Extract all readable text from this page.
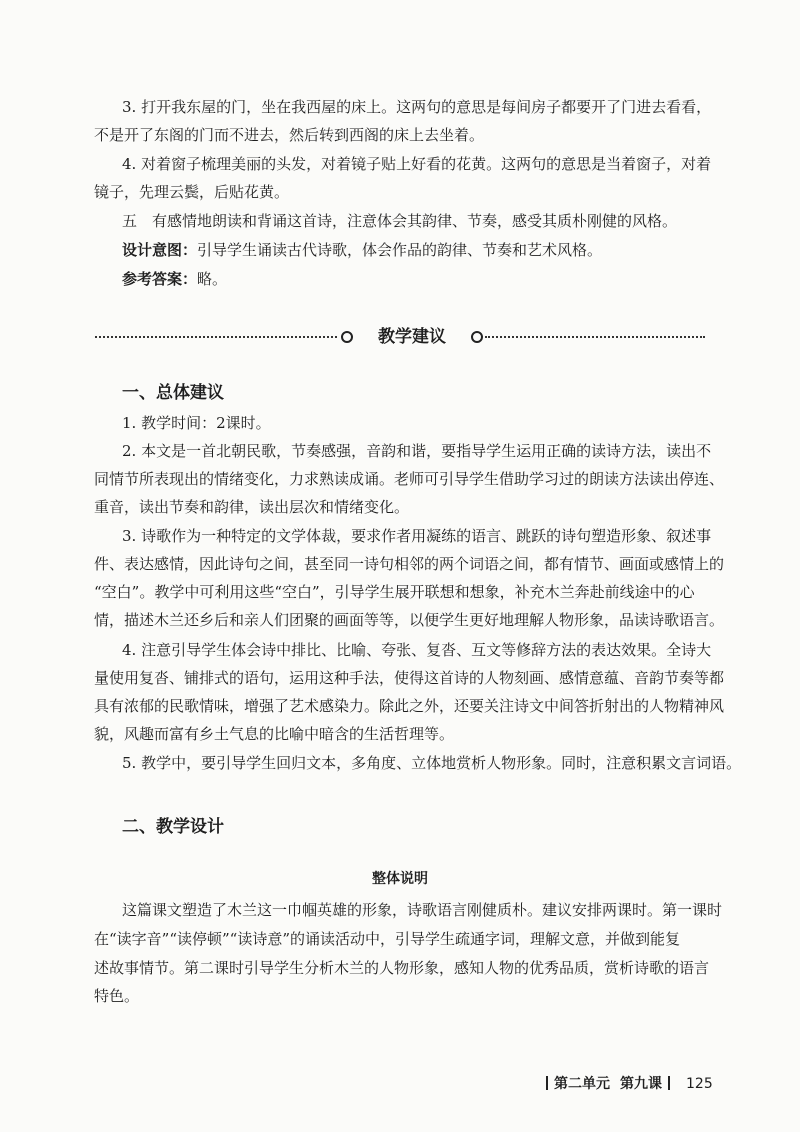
3. 打开我东屋的门，坐在我西屋的床上。这两句的意思是每间房子都要开了门进去看看，

不是开了东阁的门而不进去，然后转到西阁的床上去坐着。

4. 对着窗子梳理美丽的头发，对着镜子贴上好看的花黄。这两句的意思是当着窗子，对着

镜子，先理云鬓，后贴花黄。

五　有感情地朗读和背诵这首诗，注意体会其韵律、节奏，感受其质朴刚健的风格。

设计意图：引导学生诵读古代诗歌，体会作品的韵律、节奏和艺术风格。

参考答案：略。

教学建议

一、总体建议

1. 教学时间：2课时。

2. 本文是一首北朝民歌，节奏感强，音韵和谐，要指导学生运用正确的读诗方法，读出不

同情节所表现出的情绪变化，力求熟读成诵。老师可引导学生借助学习过的朗读方法读出停连、

重音，读出节奏和韵律，读出层次和情绪变化。

3. 诗歌作为一种特定的文学体裁，要求作者用凝练的语言、跳跃的诗句塑造形象、叙述事

件、表达感情，因此诗句之间，甚至同一诗句相邻的两个词语之间，都有情节、画面或感情上的

“空白”。教学中可利用这些“空白”，引导学生展开联想和想象，补充木兰奔赴前线途中的心

情，描述木兰还乡后和亲人们团聚的画面等等，以便学生更好地理解人物形象，品读诗歌语言。

4. 注意引导学生体会诗中排比、比喻、夸张、复沓、互文等修辞方法的表达效果。全诗大

量使用复沓、铺排式的语句，运用这种手法，使得这首诗的人物刻画、感情意蕴、音韵节奏等都

具有浓郁的民歌情味，增强了艺术感染力。除此之外，还要关注诗文中间答折射出的人物精神风

貌，风趣而富有乡土气息的比喻中暗含的生活哲理等。

5. 教学中，要引导学生回归文本，多角度、立体地赏析人物形象。同时，注意积累文言词语。

二、教学设计

整体说明

这篇课文塑造了木兰这一巾帼英雄的形象，诗歌语言刚健质朴。建议安排两课时。第一课时

在“读字音”“读停顿”“读诗意”的诵读活动中，引导学生疏通字词，理解文意，并做到能复

述故事情节。第二课时引导学生分析木兰的人物形象，感知人物的优秀品质，赏析诗歌的语言

特色。

第二单元 第九课 125
